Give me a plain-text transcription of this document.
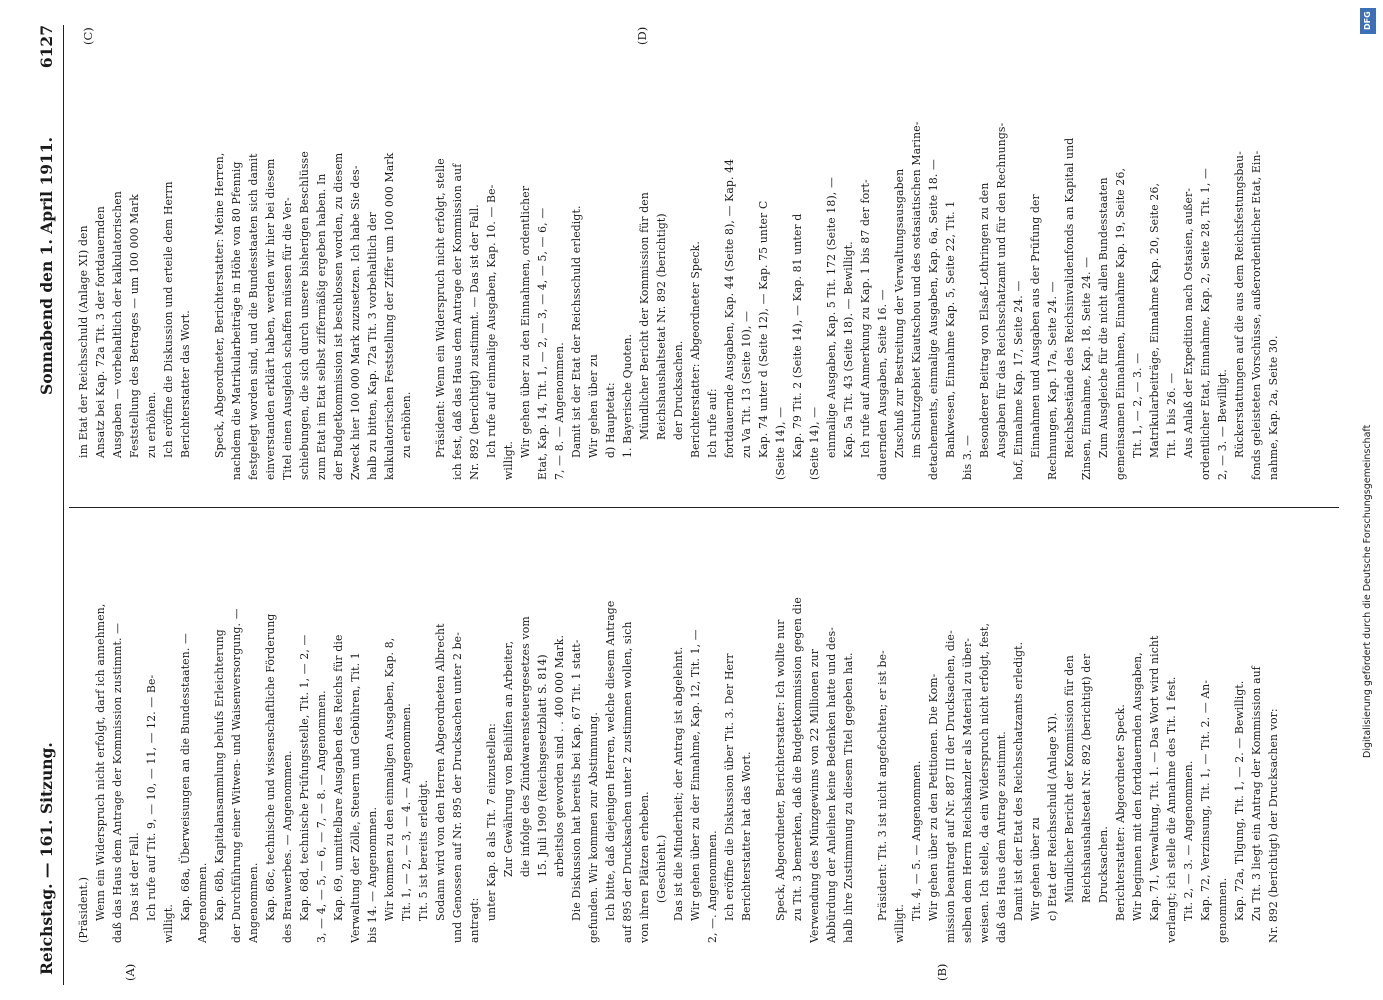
Reichstag. — 161. Sitzung.
Sonnabend den 1. April 1911.
6127
(A)	(B)
(C)	(D)
(Präsident.) Wenn ein Widerspruch nicht erfolgt, darf ich annehmen, daß das Haus dem Antrage der Kommission zustimmt. — Das ist der Fall. Ich rufe auf Tit. 9, — 10, — 11, — 12. — Be-
willigt.
Kap. 68a, Überweisungen an die Bundesstaaten. — Angenommen. Kap. 68b, Kapitalansammlung behufs Erleichterung der Durchführung einer Witwen- und Waisenversorgung. — Angenommen. Kap. 68c, technische und wissenschaftliche Förderung des Brauwerbes. — Angenommen. Kap. 68d, technische Prüfungsstelle, Tit. 1, — 2, — 3, — 4, — 5, — 6, — 7, — 8. — Angenommen. Kap. 69, unmittelbare Ausgaben des Reichs für die Verwaltung der Zölle, Steuern und Gebühren, Tit. 1 bis 14. — Angenommen. Wir kommen zu den einmaligen Ausgaben, Kap. 8, Tit. 1, — 2, — 3, — 4. — Angenommen. Tit. 5 ist bereits erledigt. Sodann wird von den Herren Abgeordneten Albrecht und Genossen auf Nr. 895 der Drucksachen unter 2 be- antragt: unter Kap. 8 als Tit. 7 einzustellen: Zur Gewährung von Beihilfen an Arbeiter, die infolge des Zündwarensteuergesetzes vom 15. Juli 1909 (Reichsgesetzblatt S. 814) arbeitslos geworden sind . . 400 000 Mark. Die Diskussion hat bereits bei Kap. 67 Tit. 1 statt- gefunden. Wir kommen zur Abstimmung. Ich bitte, daß diejenigen Herren, welche diesem Antrage auf 895 der Drucksachen unter 2 zustimmen wollen, sich von ihren Plätzen erheben. (Geschieht.) Das ist die Minderheit; der Antrag ist abgelehnt. Wir gehen über zu der Einnahme, Kap. 12, Tit. 1, — 2, —. Angenommen. Ich eröffne die Diskussion über Tit. 3. Der Herr Berichterstatter hat das Wort. Speck, Abgeordneter, Berichterstatter: Ich wollte nur zu Tit. 3 bemerken, daß die Budgetkommission gegen die Verwendung des Münzgewinns von 22 Millionen zur Abbürdung der Anleihen keine Bedenken hatte und des- halb ihre Zustimmung zu diesem Titel gegeben hat. Präsident: Tit. 3 ist nicht angefochten; er ist be-
willigt.
Tit. 4, — 5. — Angenommen. Wir gehen über zu den Petitionen. Die Kom- mission beantragt auf Nr. 887 III der Drucksachen, die- selben dem Herrn Reichskanzler als Material zu über- weisen. Ich stelle, da ein Widerspruch nicht erfolgt, fest, daß das Haus dem Antrage zustimmt. Damit ist der Etat des Reichsschatzamts erledigt. Wir gehen über zu c) Etat der Reichsschuld (Anlage XI). Mündlicher Bericht der Kommission für den Reichshaushaltsetat Nr. 892 (berichtigt) der Drucksachen. Berichterstatter: Abgeordneter Speck. Wir beginnen mit den fortdauernden Ausgaben, Kap. 71, Verwaltung, Tit. 1. — Das Wort wird nicht verlangt; ich stelle die Annahme des Tit. 1 fest. Tit. 2, — 3. — Angenommen. Kap. 72, Verzinsung, Tit. 1, — Tit. 2. — An- genommen. Kap. 72a, Tilgung, Tit. 1, — 2. — Bewilligt. Zu Tit. 3 liegt ein Antrag der Kommission auf Nr. 892 (berichtigt) der Drucksachen vor:
im Etat der Reichsschuld (Anlage XI) den Ansatz bei Kap. 72a Tit. 3 der fortdauernden Ausgaben — vorbehaltlich der kalkulatorischen Feststellung des Betrages — um 100 000 Mark zu erhöhen. Ich eröffne die Diskussion und erteile dem Herrn Berichterstatter das Wort. Speck, Abgeordneter, Berichterstatter: Meine Herren, nachdem die Matrikularbeiträge in Höhe von 80 Pfennig festgelegt worden sind, und die Bundesstaaten sich damit einverstanden erklärt haben, werden wir hier bei diesem Titel einen Ausgleich schaffen müssen für die Ver- schiebungen, die sich durch unsere bisherigen Beschlüsse zum Etat im Etat selbst ziffermäßig ergeben haben. In der Budgetkommission ist beschlossen worden, zu diesem Zweck hier 100 000 Mark zuzusetzen. Ich habe Sie des- halb zu bitten, Kap. 72a Tit. 3 vorbehaltlich der kalkulatorischen Feststellung der Ziffer um 100 000 Mark zu erhöhen. Präsident: Wenn ein Widerspruch nicht erfolgt, stelle ich fest, daß das Haus dem Antrage der Kommission auf Nr. 892 (berichtigt) zustimmt. — Das ist der Fall. Ich rufe auf einmalige Ausgaben, Kap. 10. — Be-
willigt.
Wir gehen über zu den Einnahmen, ordentlicher Etat, Kap. 14, Tit. 1, — 2, — 3, — 4, — 5, — 6, — 7, — 8. — Angenommen. Damit ist der Etat der Reichsschuld erledigt. Wir gehen über zu d) Hauptetat: 1. Bayerische Quoten. Mündlicher Bericht der Kommission für den Reichshaushaltsetat Nr. 892 (berichtigt) der Drucksachen. Berichterstatter: Abgeordneter Speck. Ich rufe auf: fortdauernde Ausgaben, Kap. 44 (Seite 8), — Kap. 44 zu Va Tit. 13 (Seite 10), — Kap. 74 unter d (Seite 12), — Kap. 75 unter C (Seite 14), — Kap. 79 Tit. 2 (Seite 14), — Kap. 81 unter d (Seite 14), — einmalige Ausgaben, Kap. 5 Tit. 172 (Seite 18), — Kap. 5a Tit. 43 (Seite 18). — Bewilligt. Ich rufe auf Anmerkung zu Kap. 1 bis 87 der fort- dauernden Ausgaben, Seite 16. — Zuschuß zur Bestreitung der Verwaltungsausgaben im Schutzgebiet Kiautschou und des ostasiatischen Marine- detachements, einmalige Ausgaben, Kap. 6a, Seite 18. — Bankwesen, Einnahme Kap. 5, Seite 22, Tit. 1 bis 3. — Besonderer Beitrag von Elsaß-Lothringen zu den Ausgaben für das Reichsschatzamt und für den Rechnungs- hof, Einnahme Kap. 17, Seite 24. — Einnahmen und Ausgaben aus der Prüfung der Rechnungen, Kap. 17a, Seite 24. — Reichsbestände des Reichsinvalidenfonds an Kapital und Zinsen, Einnahme, Kap. 18, Seite 24. — Zum Ausgleiche für die nicht allen Bundesstaaten gemeinsamen Einnahmen, Einnahme Kap. 19, Seite 26, Tit. 1, — 2, — 3. — Matrikularbeiträge, Einnahme Kap. 20, Seite 26, Tit. 1 bis 26. — Aus Anlaß der Expedition nach Ostasien, außer- ordentlicher Etat, Einnahme, Kap. 2, Seite 28, Tit. 1, — 2, — 3. — Bewilligt. Rückerstattungen auf die aus dem Reichsfestungsbau- fonds geleisteten Vorschüsse, außerordentlicher Etat, Ein- nahme, Kap. 2a, Seite 30.
DFG
Digitalisierung gefördert durch die Deutsche Forschungsgemeinschaft
